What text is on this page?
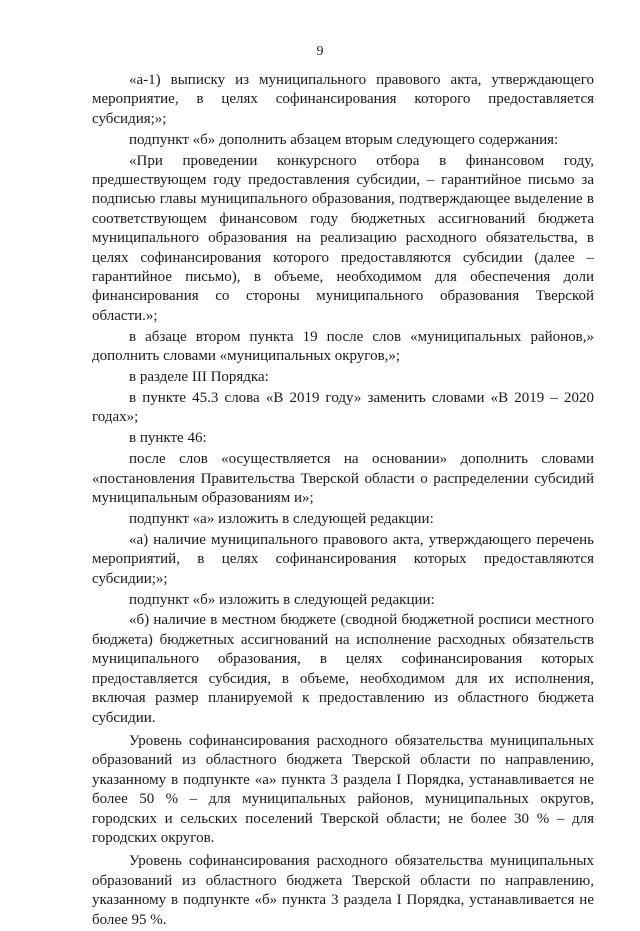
9

«а-1) выписку из муниципального правового акта, утверждающего мероприятие, в целях софинансирования которого предоставляется субсидия;»;

подпункт «б» дополнить абзацем вторым следующего содержания:

«При проведении конкурсного отбора в финансовом году, предшествующем году предоставления субсидии, – гарантийное письмо за подписью главы муниципального образования, подтверждающее выделение в соответствующем финансовом году бюджетных ассигнований бюджета муниципального образования на реализацию расходного обязательства, в целях софинансирования которого предоставляются субсидии (далее – гарантийное письмо), в объеме, необходимом для обеспечения доли финансирования со стороны муниципального образования Тверской области.»;

в абзаце втором пункта 19 после слов «муниципальных районов,» дополнить словами «муниципальных округов,»;

в разделе III Порядка:

в пункте 45.3 слова «В 2019 году» заменить словами «В 2019 – 2020 годах»;

в пункте 46:

после слов «осуществляется на основании» дополнить словами «постановления Правительства Тверской области о распределении субсидий муниципальным образованиям и»;

подпункт «а» изложить в следующей редакции:

«а) наличие муниципального правового акта, утверждающего перечень мероприятий, в целях софинансирования которых предоставляются субсидии;»;

подпункт «б» изложить в следующей редакции:

«б) наличие в местном бюджете (сводной бюджетной росписи местного бюджета) бюджетных ассигнований на исполнение расходных обязательств муниципального образования, в целях софинансирования которых предоставляется субсидия, в объеме, необходимом для их исполнения, включая размер планируемой к предоставлению из областного бюджета субсидии.

Уровень софинансирования расходного обязательства муниципальных образований из областного бюджета Тверской области по направлению, указанному в подпункте «а» пункта 3 раздела I Порядка, устанавливается не более 50 % – для муниципальных районов, муниципальных округов, городских и сельских поселений Тверской области; не более 30 % – для городских округов.

Уровень софинансирования расходного обязательства муниципальных образований из областного бюджета Тверской области по направлению, указанному в подпункте «б» пункта 3 раздела I Порядка, устанавливается не более 95 %.
